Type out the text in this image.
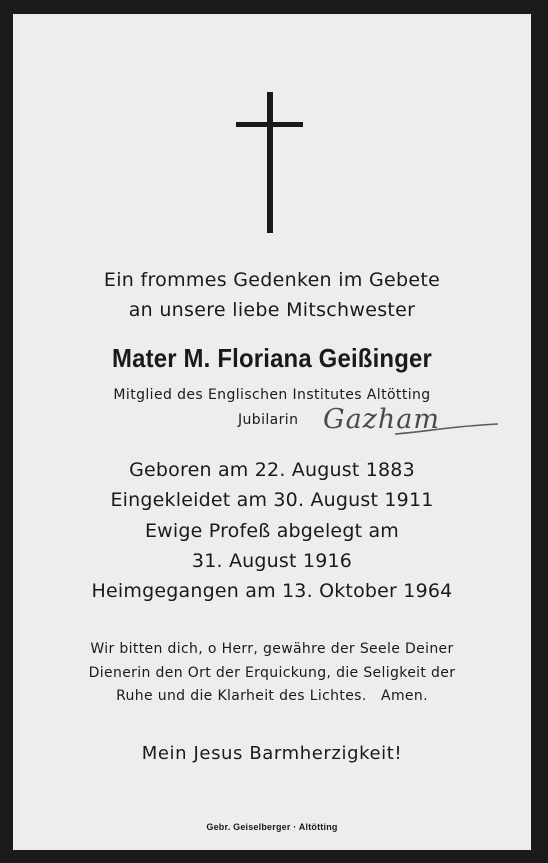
Ein frommes Gedenken im Gebete
an unsere liebe Mitschwester
Mater M. Floriana Geißinger
Mitglied des Englischen Institutes Altötting
Jubilarin Gazham
Geboren am 22. August 1883
Eingekleidet am 30. August 1911
Ewige Profeß abgelegt am
31. August 1916
Heimgegangen am 13. Oktober 1964
Wir bitten dich, o Herr, gewähre der Seele Deiner
Dienerin den Ort der Erquickung, die Seligkeit der
Ruhe und die Klarheit des Lichtes.   Amen.
Mein Jesus Barmherzigkeit!
Gebr. Geiselberger · Altötting
